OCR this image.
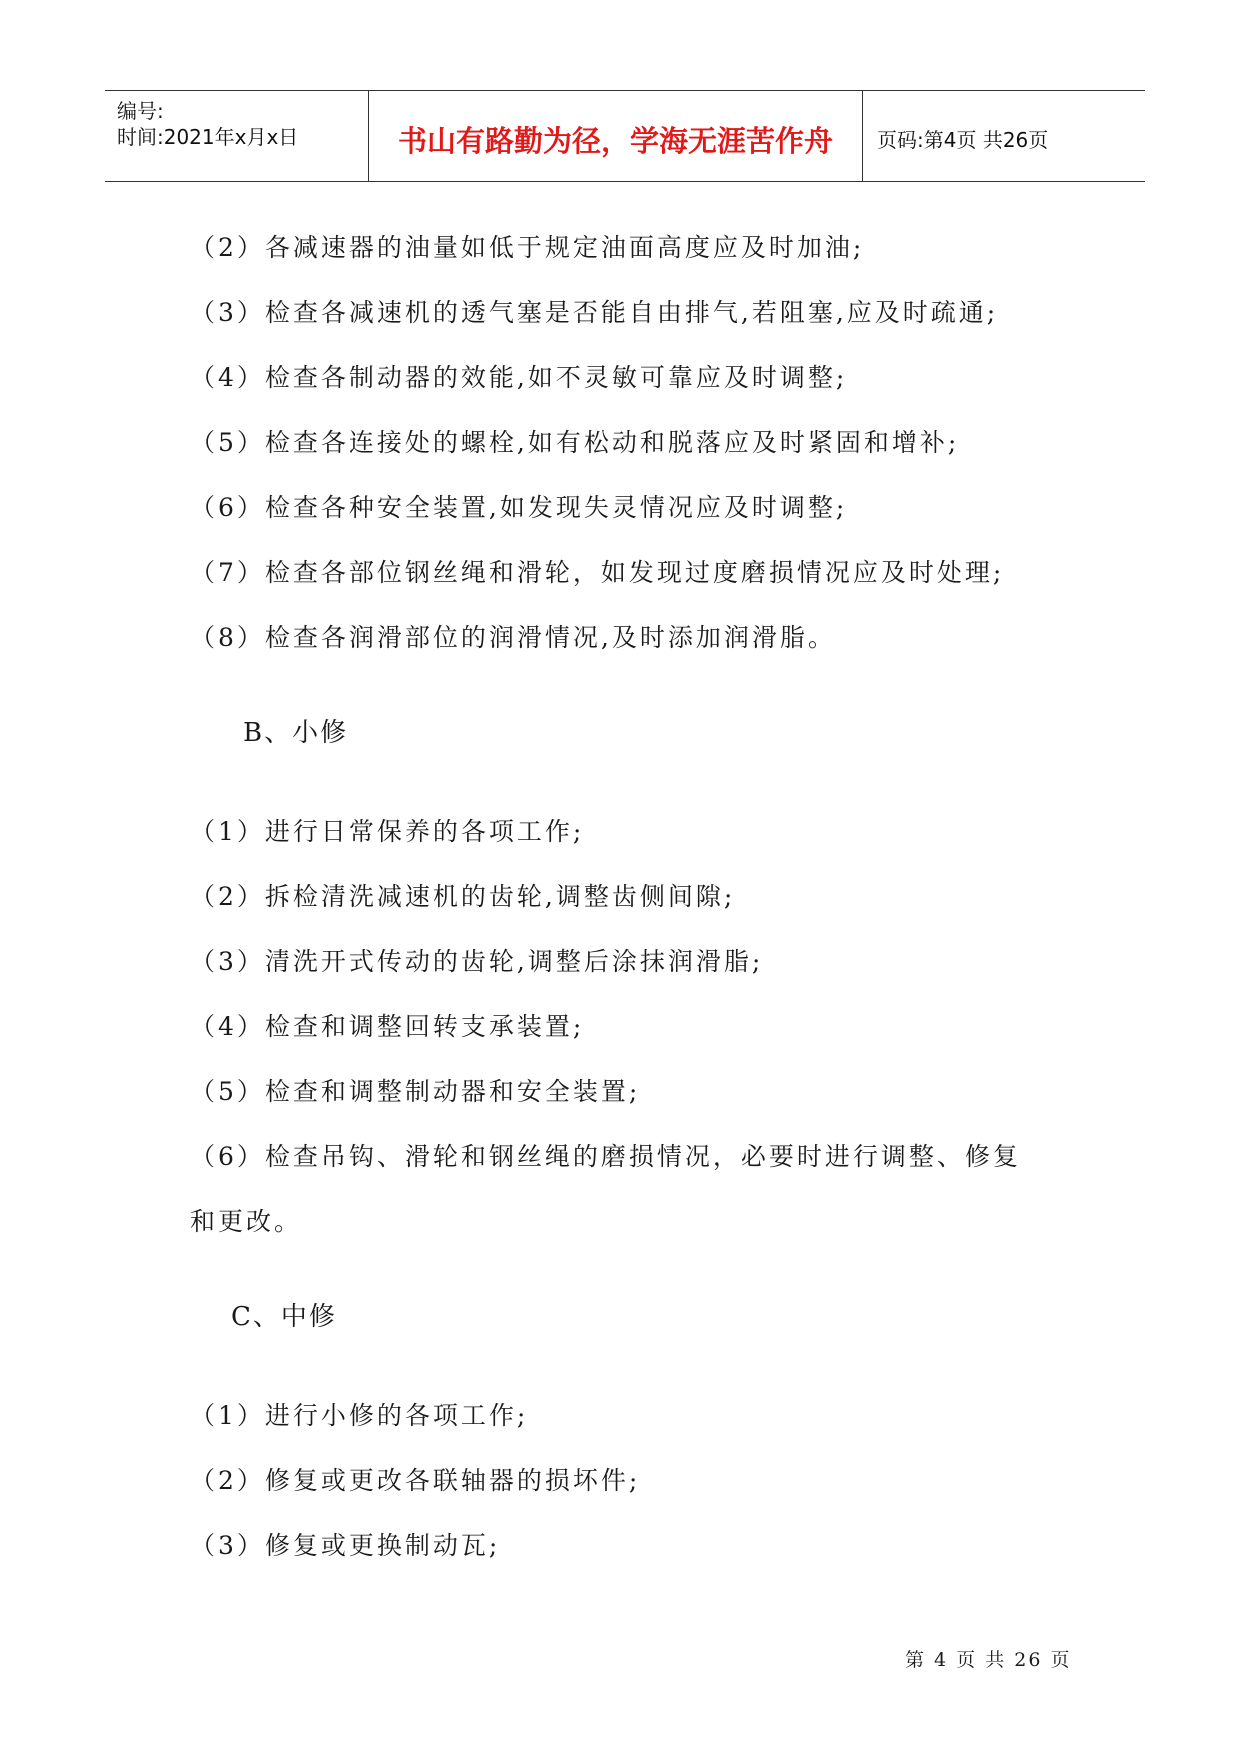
编号:
时间:2021年x月x日	书山有路勤为径，学海无涯苦作舟	页码:第4页 共26页
（2）各减速器的油量如低于规定油面高度应及时加油;
（3）检查各减速机的透气塞是否能自由排气,若阻塞,应及时疏通;
（4）检查各制动器的效能,如不灵敏可靠应及时调整;
（5）检查各连接处的螺栓,如有松动和脱落应及时紧固和增补;
（6）检查各种安全装置,如发现失灵情况应及时调整;
（7）检查各部位钢丝绳和滑轮，如发现过度磨损情况应及时处理;
（8）检查各润滑部位的润滑情况,及时添加润滑脂。
B、小修
（1）进行日常保养的各项工作;
（2）拆检清洗减速机的齿轮,调整齿侧间隙;
（3）清洗开式传动的齿轮,调整后涂抹润滑脂;
（4）检查和调整回转支承装置;
（5）检查和调整制动器和安全装置;
（6）检查吊钩、滑轮和钢丝绳的磨损情况，必要时进行调整、修复
和更改。
C、中修
（1）进行小修的各项工作;
（2）修复或更改各联轴器的损坏件;
（3）修复或更换制动瓦;
第 4 页 共 26 页
